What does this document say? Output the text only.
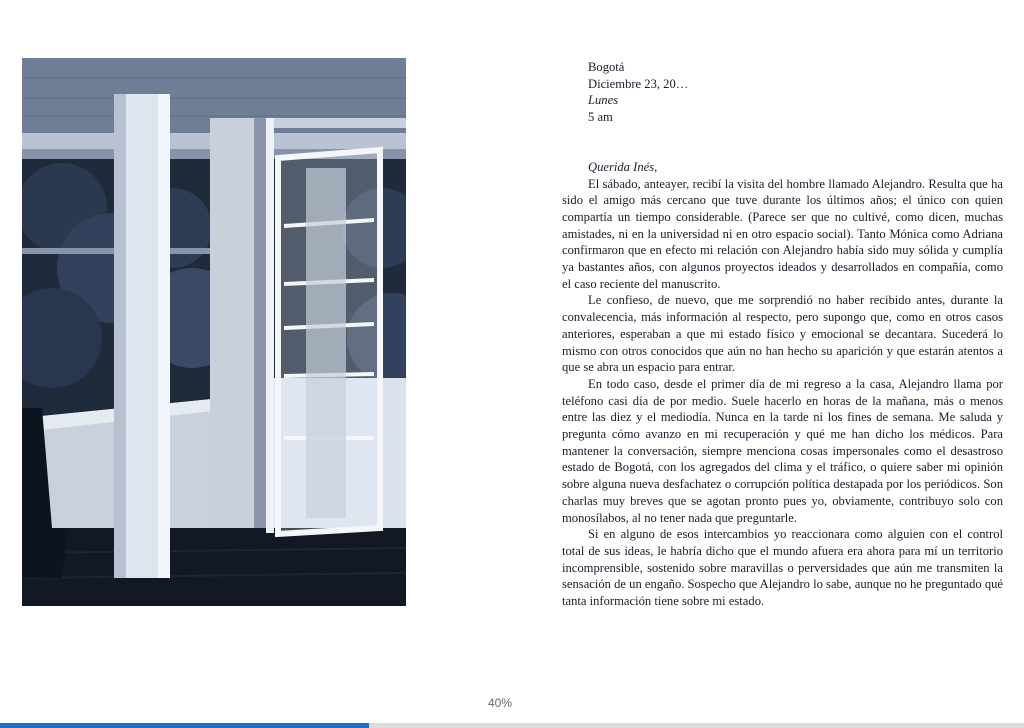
Bogotá
Diciembre 23, 20…
Lunes
5 am
Querida Inés,

El sábado, anteayer, recibí la visita del hombre llamado Alejandro. Resulta que ha sido el amigo más cercano que tuve durante los últimos años; el único con quien compartía un tiempo considerable. (Parece ser que no cultivé, como dicen, muchas amistades, ni en la universidad ni en otro espacio social). Tanto Mónica como Adriana confirmaron que en efecto mi relación con Alejandro había sido muy sólida y cumplía ya bastantes años, con algunos proyectos ideados y desarrollados en compañía, como el caso reciente del manuscrito.

Le confieso, de nuevo, que me sorprendió no haber recibido antes, durante la convalecencia, más información al respecto, pero supongo que, como en otros casos anteriores, esperaban a que mi estado físico y emocional se decantara. Sucederá lo mismo con otros conocidos que aún no han hecho su aparición y que estarán atentos a que se abra un espacio para entrar.

En todo caso, desde el primer día de mi regreso a la casa, Alejandro llama por teléfono casi día de por medio. Suele hacerlo en horas de la mañana, más o menos entre las diez y el mediodía. Nunca en la tarde ni los fines de semana. Me saluda y pregunta cómo avanzo en mi recuperación y qué me han dicho los médicos. Para mantener la conversación, siempre menciona cosas impersonales como el desastroso estado de Bogotá, con los agregados del clima y el tráfico, o quiere saber mi opinión sobre alguna nueva desfachatez o corrupción política destapada por los periódicos. Son charlas muy breves que se agotan pronto pues yo, obviamente, contribuyo solo con monosílabos, al no tener nada que preguntarle.

Si en alguno de esos intercambios yo reaccionara como alguien con el control total de sus ideas, le habría dicho que el mundo afuera era ahora para mí un territorio incomprensible, sostenido sobre maravillas o perversidades que aún me transmiten la sensación de un engaño. Sospecho que Alejandro lo sabe, aunque no he preguntado qué tanta información tiene sobre mi estado.

40%
